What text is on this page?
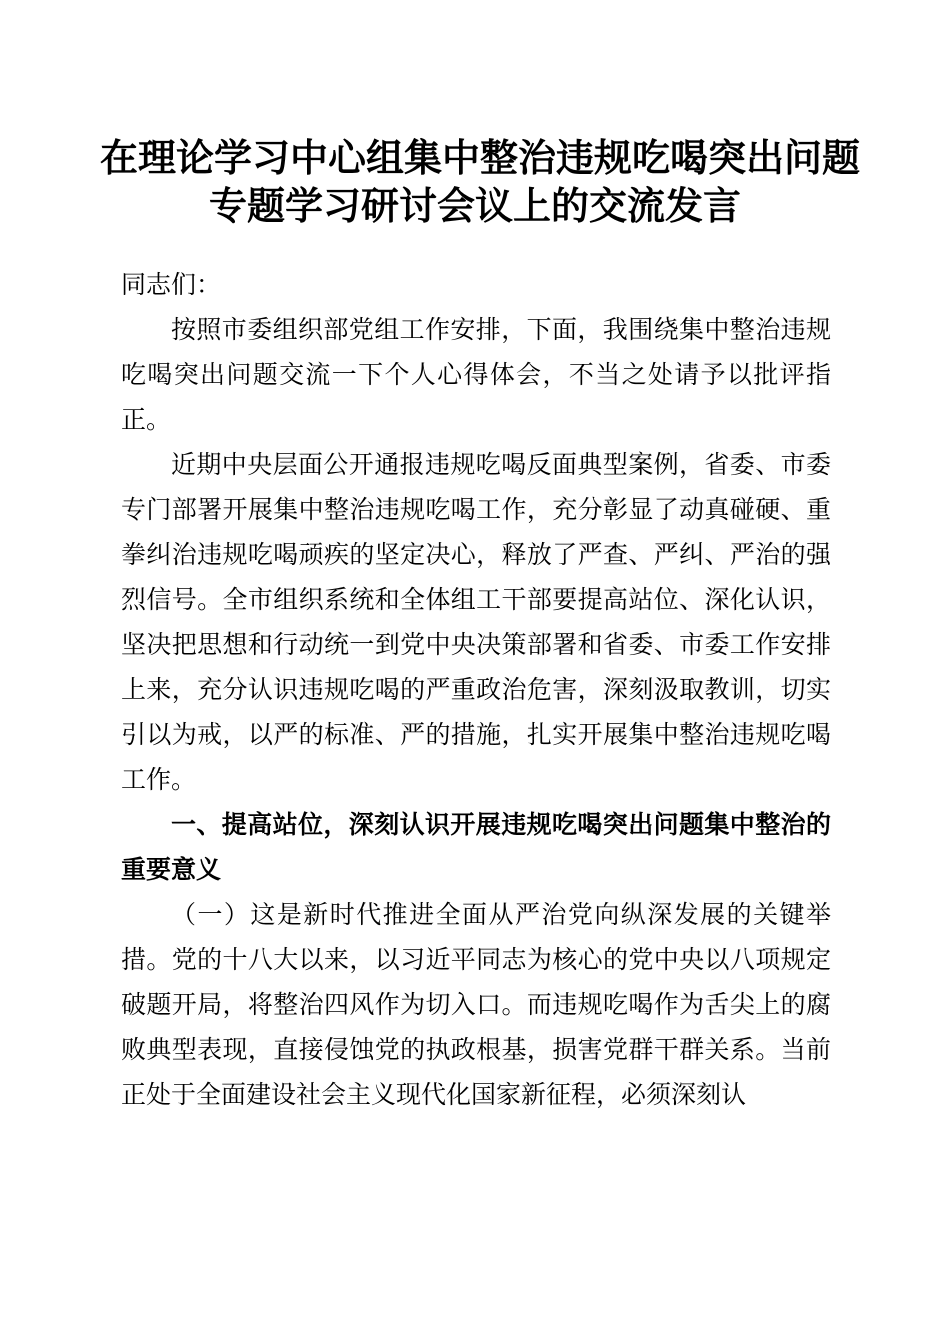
在理论学习中心组集中整治违规吃喝突出问题
专题学习研讨会议上的交流发言

同志们：

按照市委组织部党组工作安排，下面，我围绕集中整治违规吃喝突出问题交流一下个人心得体会，不当之处请予以批评指正。

近期中央层面公开通报违规吃喝反面典型案例，省委、市委专门部署开展集中整治违规吃喝工作，充分彰显了动真碰硬、重拳纠治违规吃喝顽疾的坚定决心，释放了严查、严纠、严治的强烈信号。全市组织系统和全体组工干部要提高站位、深化认识，坚决把思想和行动统一到党中央决策部署和省委、市委工作安排上来，充分认识违规吃喝的严重政治危害，深刻汲取教训，切实引以为戒，以严的标准、严的措施，扎实开展集中整治违规吃喝工作。

一、提高站位，深刻认识开展违规吃喝突出问题集中整治的重要意义

（一）这是新时代推进全面从严治党向纵深发展的关键举措。党的十八大以来，以习近平同志为核心的党中央以八项规定破题开局，将整治四风作为切入口。而违规吃喝作为舌尖上的腐败典型表现，直接侵蚀党的执政根基，损害党群干群关系。当前正处于全面建设社会主义现代化国家新征程，必须深刻认
